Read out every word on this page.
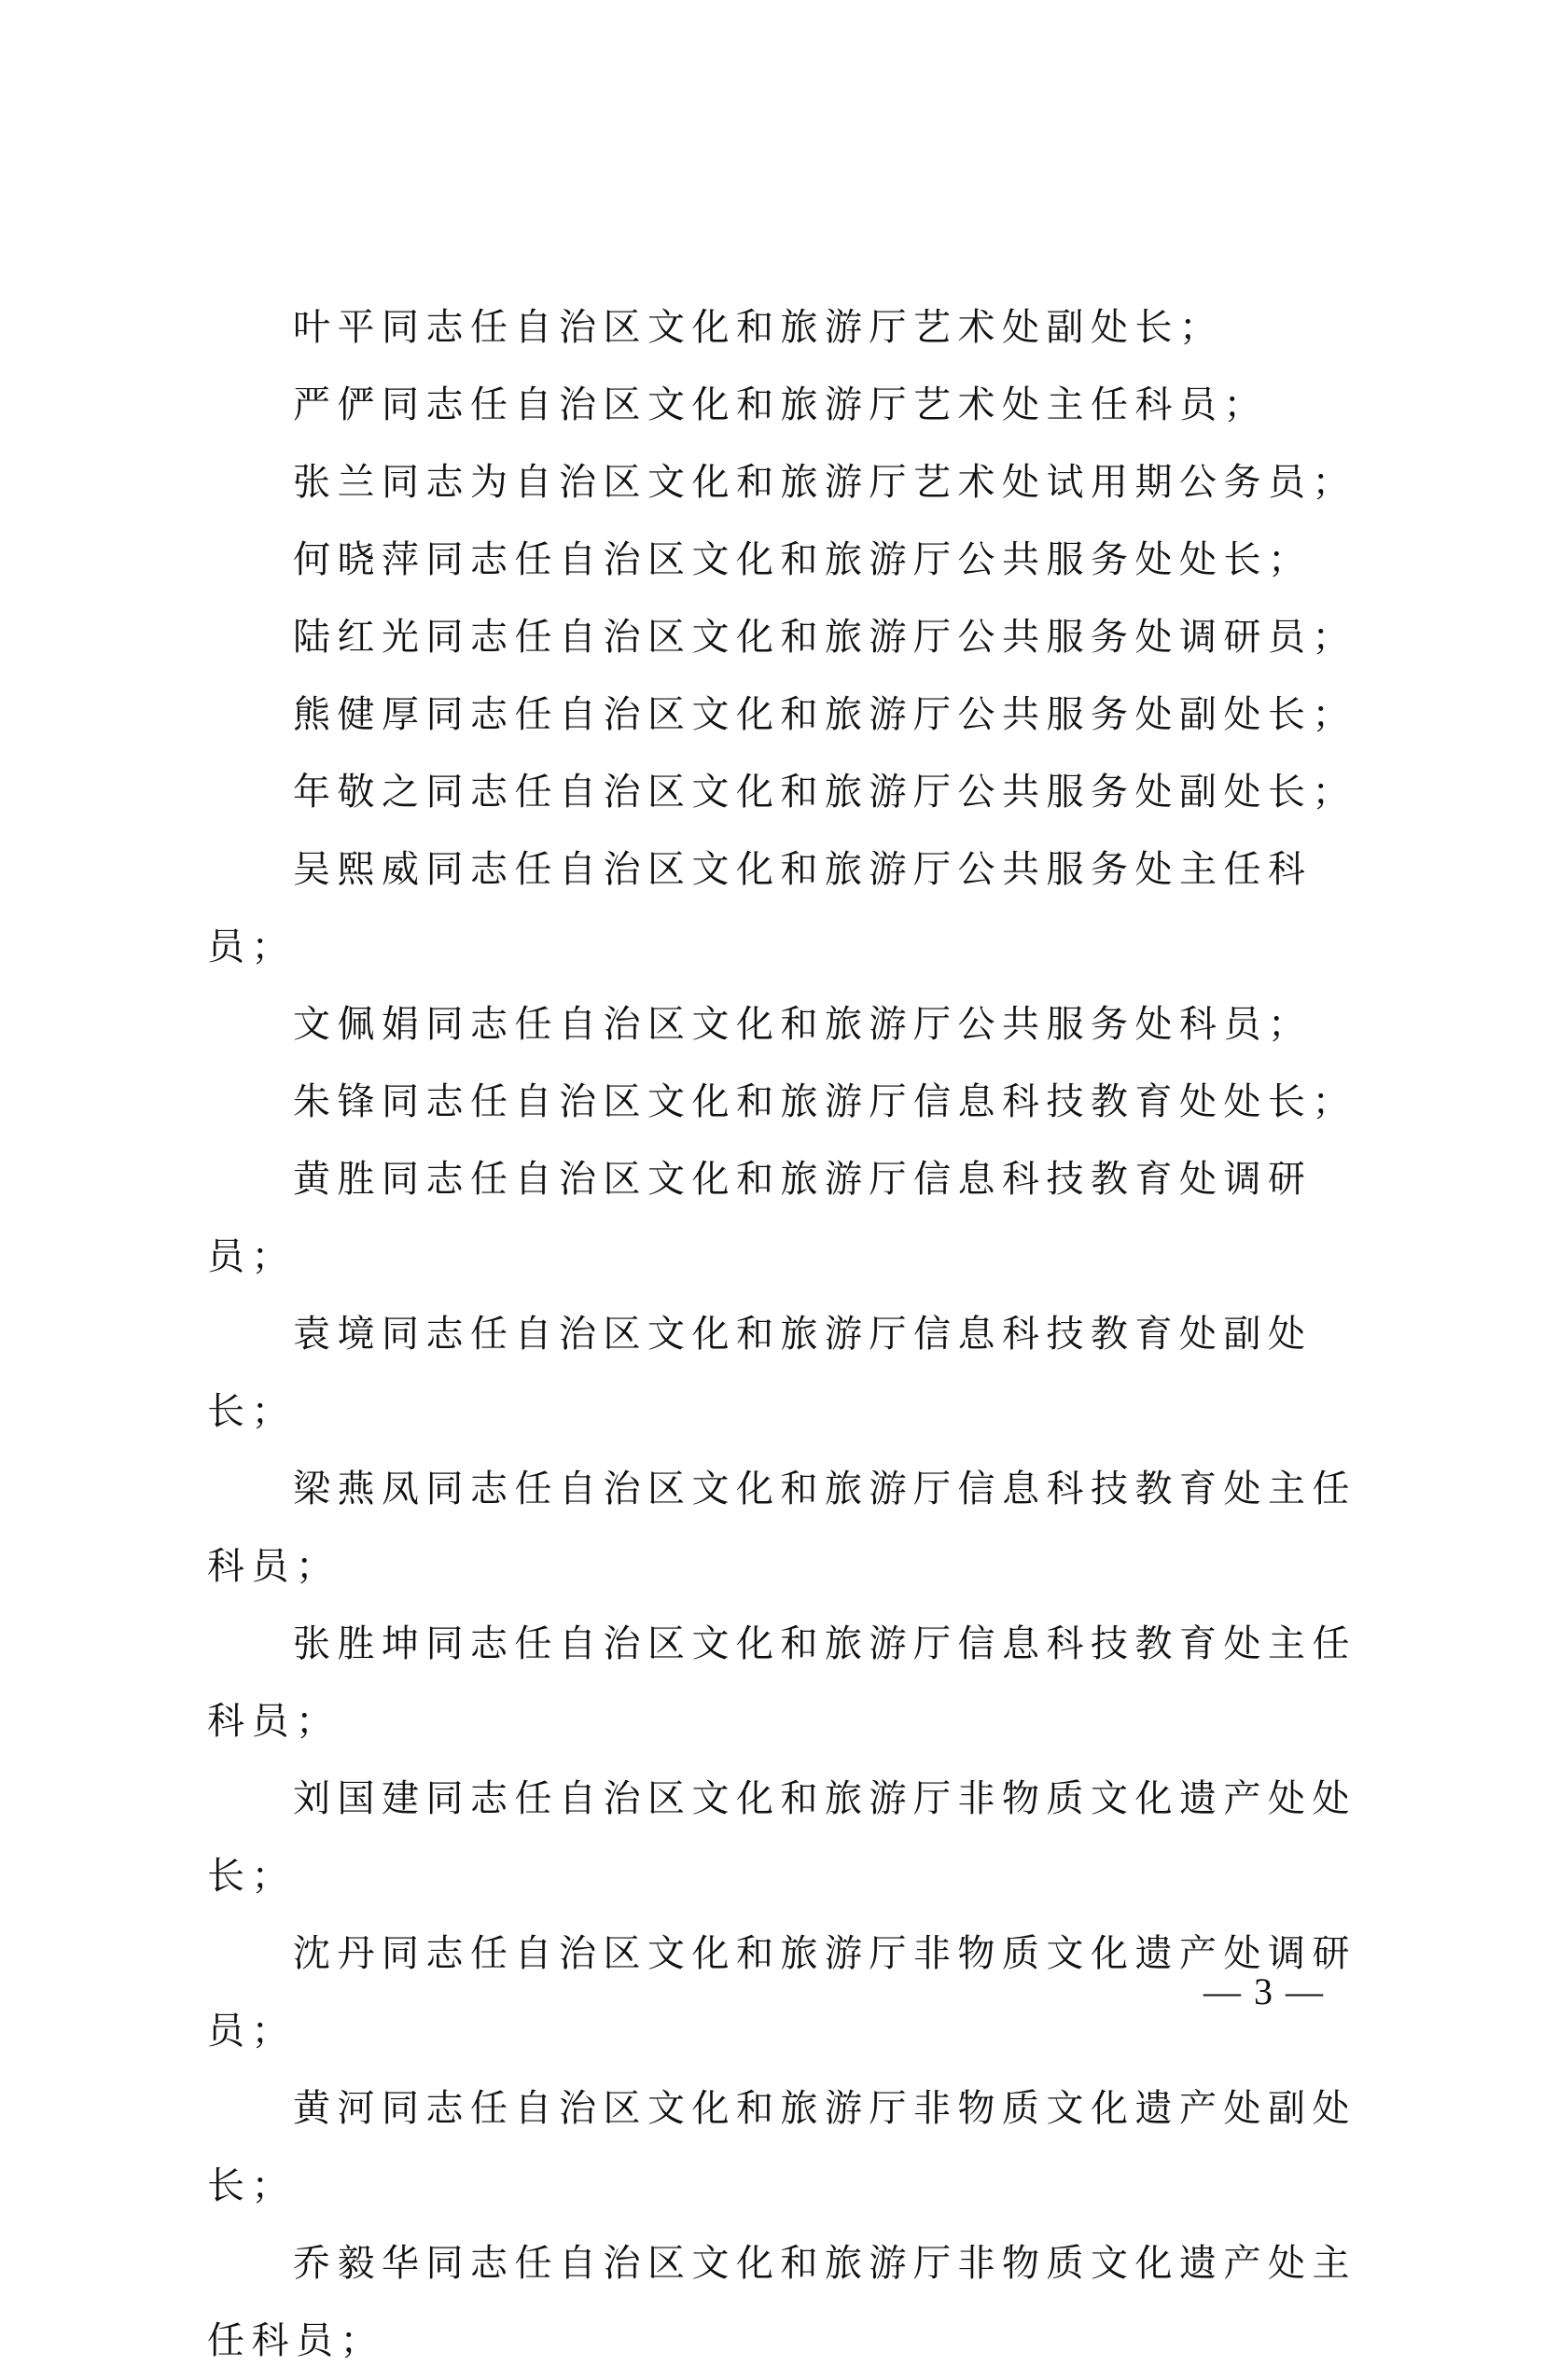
叶平同志任自治区文化和旅游厅艺术处副处长；

严俨同志任自治区文化和旅游厅艺术处主任科员；

张兰同志为自治区文化和旅游厅艺术处试用期公务员；

何晓萍同志任自治区文化和旅游厅公共服务处处长；

陆红光同志任自治区文化和旅游厅公共服务处调研员；

熊健厚同志任自治区文化和旅游厅公共服务处副处长；

年敬之同志任自治区文化和旅游厅公共服务处副处长；

吴熙威同志任自治区文化和旅游厅公共服务处主任科员；

文佩娟同志任自治区文化和旅游厅公共服务处科员；

朱锋同志任自治区文化和旅游厅信息科技教育处处长；

黄胜同志任自治区文化和旅游厅信息科技教育处调研员；

袁境同志任自治区文化和旅游厅信息科技教育处副处长；

梁燕凤同志任自治区文化和旅游厅信息科技教育处主任科员；

张胜坤同志任自治区文化和旅游厅信息科技教育处主任科员；

刘国建同志任自治区文化和旅游厅非物质文化遗产处处长；

沈丹同志任自治区文化和旅游厅非物质文化遗产处调研员；

黄河同志任自治区文化和旅游厅非物质文化遗产处副处长；

乔毅华同志任自治区文化和旅游厅非物质文化遗产处主任科员；

— 3 —
